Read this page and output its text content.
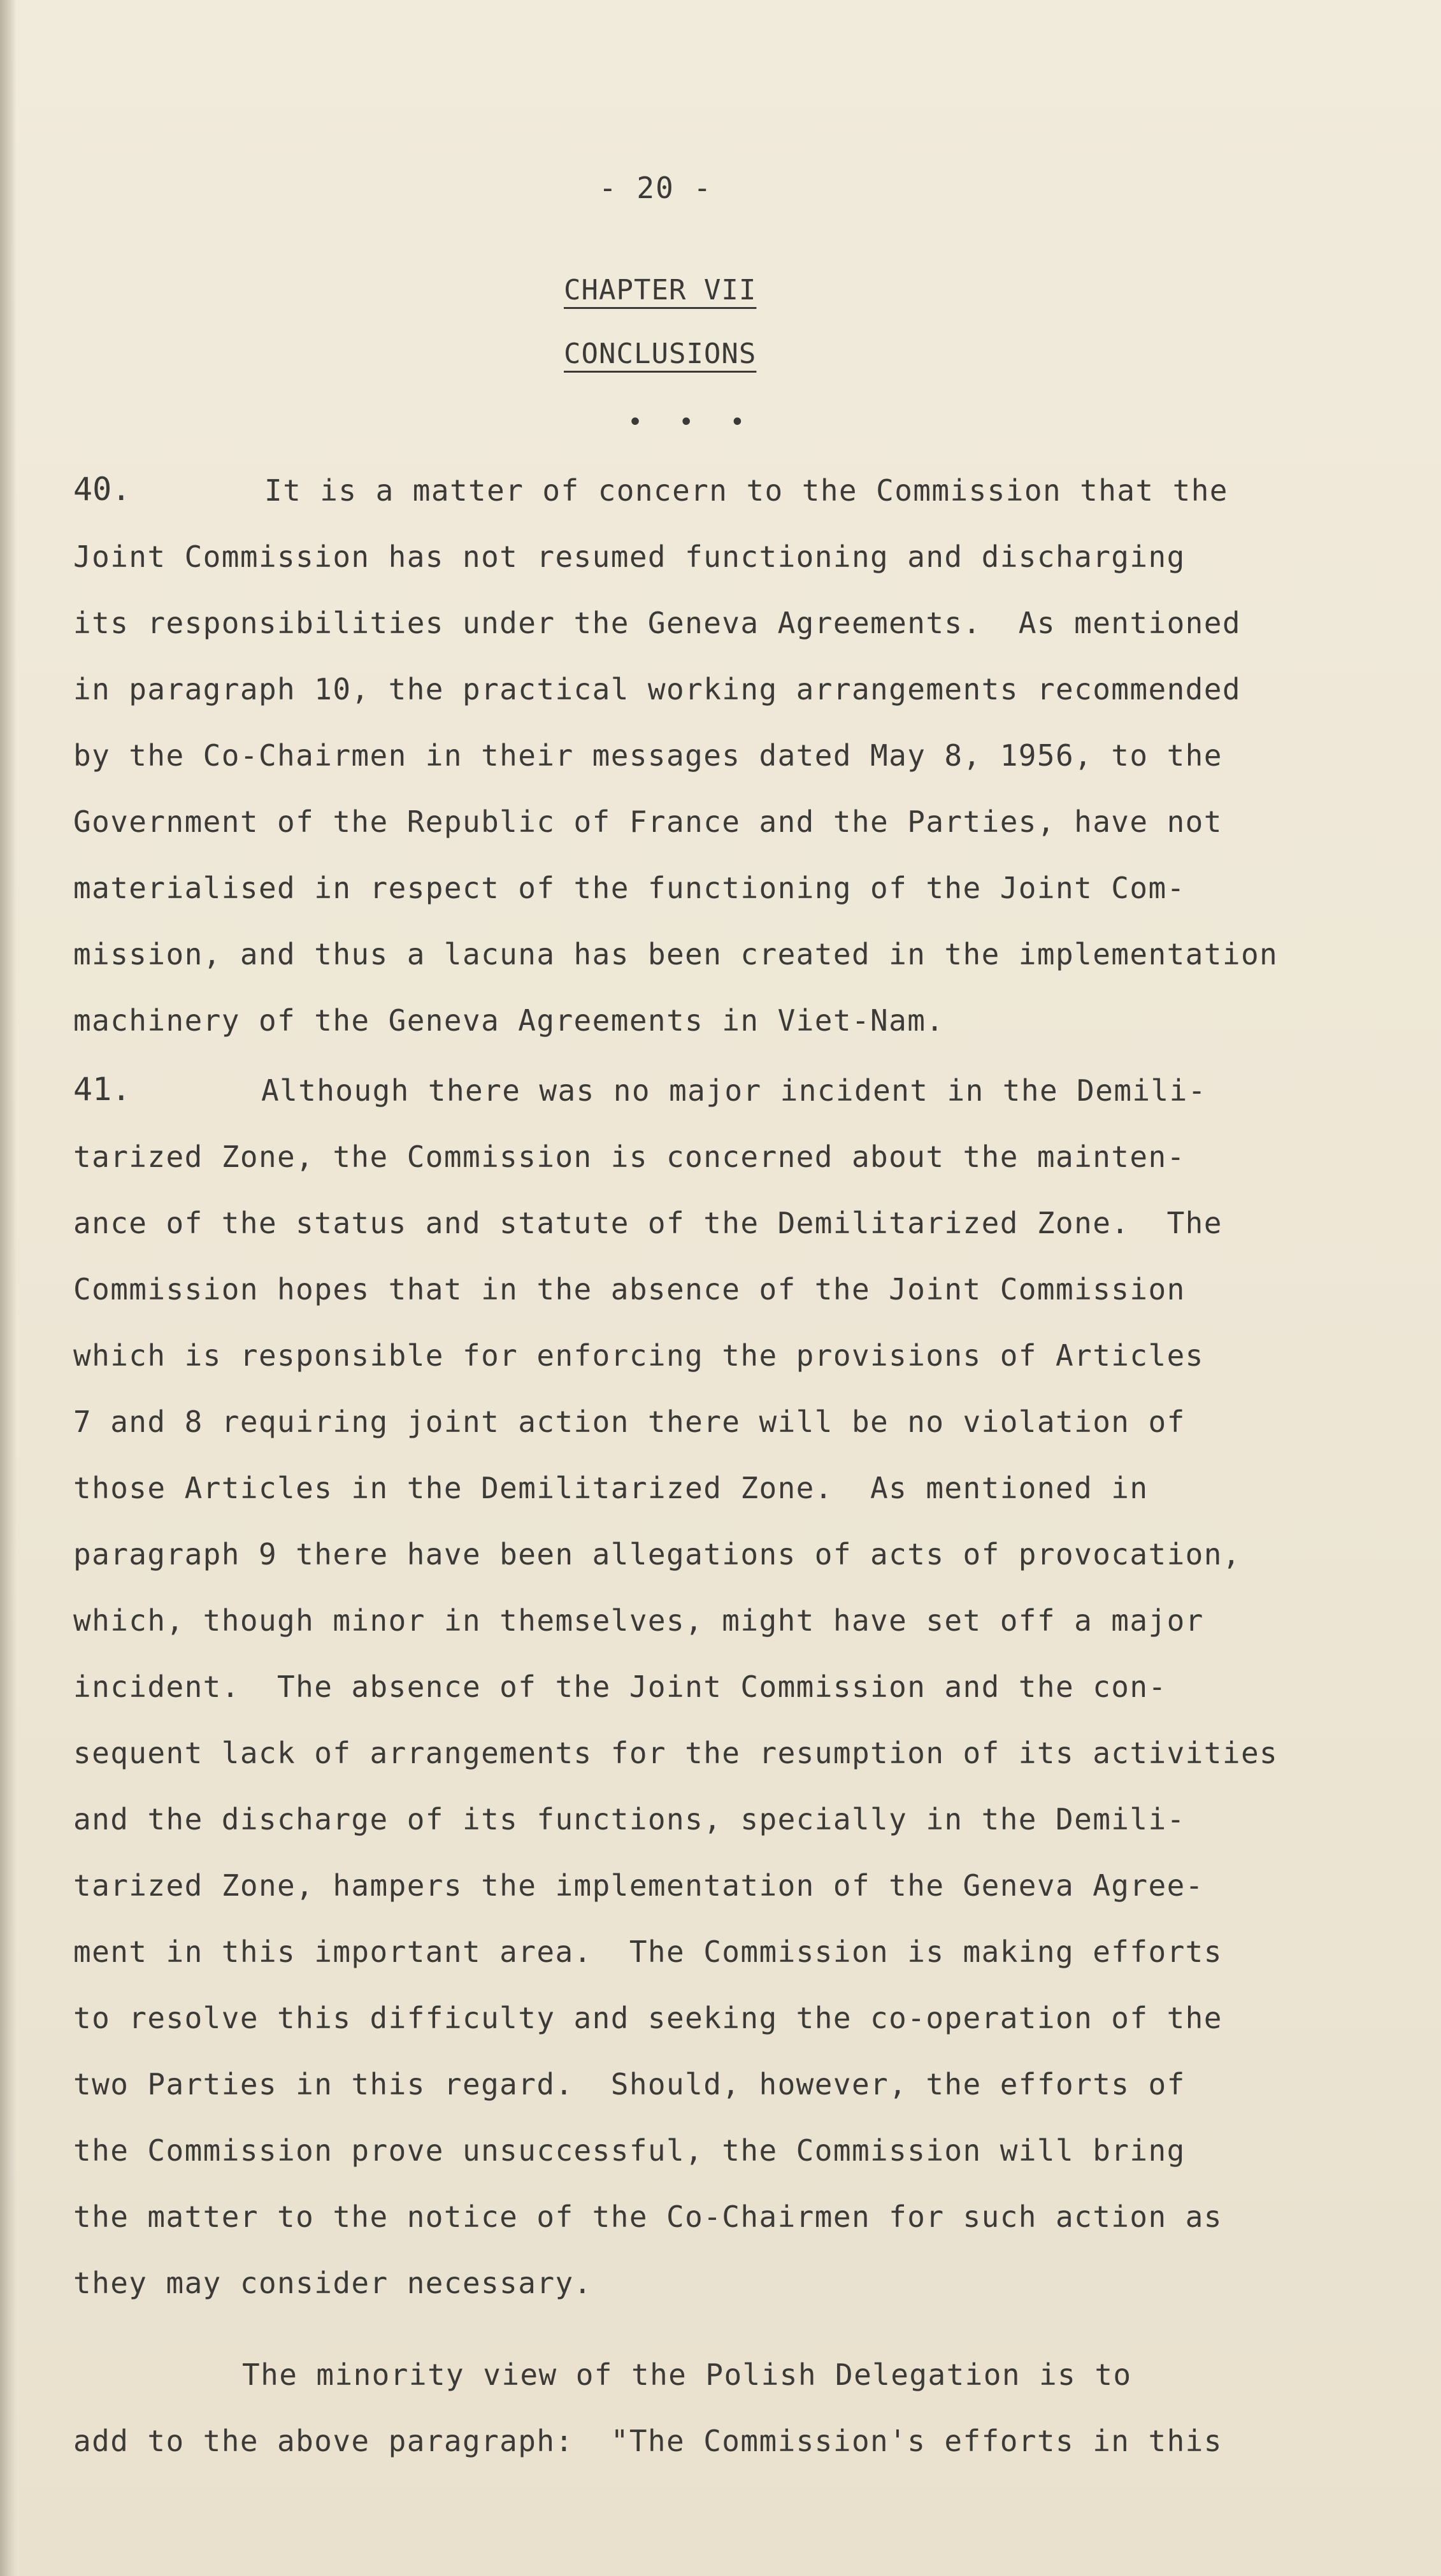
- 20 -
CHAPTER VII
CONCLUSIONS
• • •
40.	It is a matter of concern to the Commission that the
Joint Commission has not resumed functioning and discharging
its responsibilities under the Geneva Agreements.  As mentioned
in paragraph 10, the practical working arrangements recommended
by the Co-Chairmen in their messages dated May 8, 1956, to the
Government of the Republic of France and the Parties, have not
materialised in respect of the functioning of the Joint Com-
mission, and thus a lacuna has been created in the implementation
machinery of the Geneva Agreements in Viet-Nam.
41.	Although there was no major incident in the Demili-
tarized Zone, the Commission is concerned about the mainten-
ance of the status and statute of the Demilitarized Zone.  The
Commission hopes that in the absence of the Joint Commission
which is responsible for enforcing the provisions of Articles
7 and 8 requiring joint action there will be no violation of
those Articles in the Demilitarized Zone.  As mentioned in
paragraph 9 there have been allegations of acts of provocation,
which, though minor in themselves, might have set off a major
incident.  The absence of the Joint Commission and the con-
sequent lack of arrangements for the resumption of its activities
and the discharge of its functions, specially in the Demili-
tarized Zone, hampers the implementation of the Geneva Agree-
ment in this important area.  The Commission is making efforts
to resolve this difficulty and seeking the co-operation of the
two Parties in this regard.  Should, however, the efforts of
the Commission prove unsuccessful, the Commission will bring
the matter to the notice of the Co-Chairmen for such action as
they may consider necessary.
The minority view of the Polish Delegation is to
add to the above paragraph:  "The Commission's efforts in this
